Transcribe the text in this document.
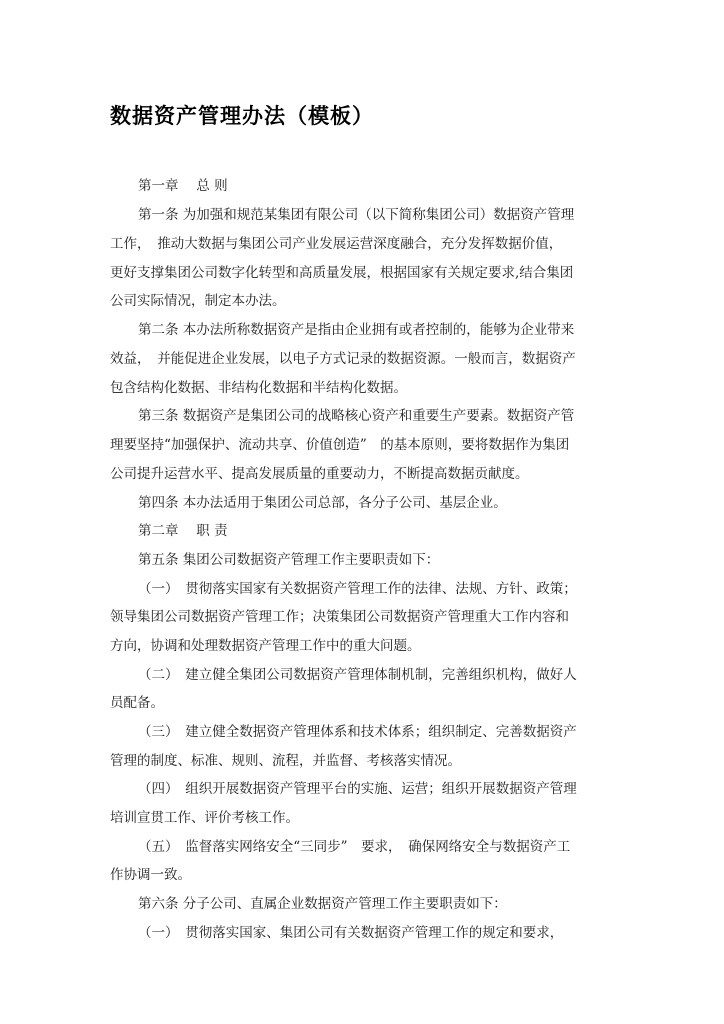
数据资产管理办法（模板）
第一章　 总 则
第一条 为加强和规范某集团有限公司（以下简称集团公司）数据资产管理
工作，　推动大数据与集团公司产业发展运营深度融合，充分发挥数据价值，
更好支撑集团公司数字化转型和高质量发展，根据国家有关规定要求,结合集团
公司实际情况，制定本办法。
第二条 本办法所称数据资产是指由企业拥有或者控制的，能够为企业带来
效益，　并能促进企业发展，以电子方式记录的数据资源。一般而言，数据资产
包含结构化数据、非结构化数据和半结构化数据。
第三条 数据资产是集团公司的战略核心资产和重要生产要素。数据资产管
理要坚持“加强保护、流动共享、价值创造”　的基本原则，要将数据作为集团
公司提升运营水平、提高发展质量的重要动力，不断提高数据贡献度。
第四条 本办法适用于集团公司总部，各分子公司、基层企业。
第二章　 职 责
第五条 集团公司数据资产管理工作主要职责如下：
（一）　贯彻落实国家有关数据资产管理工作的法律、法规、方针、政策；
领导集团公司数据资产管理工作；决策集团公司数据资产管理重大工作内容和
方向，协调和处理数据资产管理工作中的重大问题。
（二）　建立健全集团公司数据资产管理体制机制，完善组织机构，做好人
员配备。
（三）　建立健全数据资产管理体系和技术体系；组织制定、完善数据资产
管理的制度、标准、规则、流程，并监督、考核落实情况。
（四）　组织开展数据资产管理平台的实施、运营；组织开展数据资产管理
培训宣贯工作、评价考核工作。
（五）　监督落实网络安全“三同步”　要求，　确保网络安全与数据资产工
作协调一致。
第六条 分子公司、直属企业数据资产管理工作主要职责如下：
（一）　贯彻落实国家、集团公司有关数据资产管理工作的规定和要求，
